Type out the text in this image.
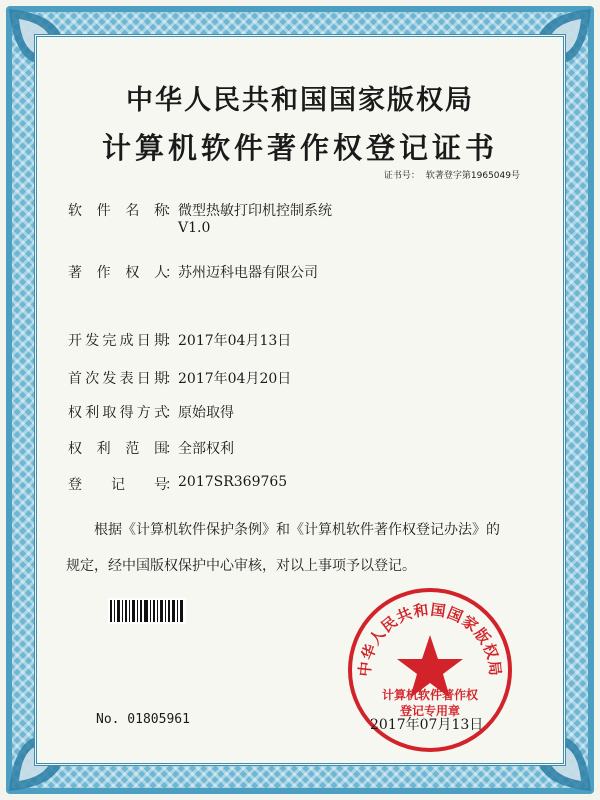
中华人民共和国国家版权局
计算机软件著作权登记证书
证书号： 软著登字第1965049号
软件名称
： 微型热敏打印机控制系统
V1.0
著作权人
： 苏州迈科电器有限公司
开发完成日期
： 2017年04月13日
首次发表日期
： 2017年04月20日
权利取得方式
： 原始取得
权利范围
： 全部权利
登记号
： 2017SR369765
根据《计算机软件保护条例》和《计算机软件著作权登记办法》的
规定，经中国版权保护中心审核，对以上事项予以登记。
中华人民共和国国家版权局
计算机软件著作权
登记专用章
No. 01805961	2017年07月13日
